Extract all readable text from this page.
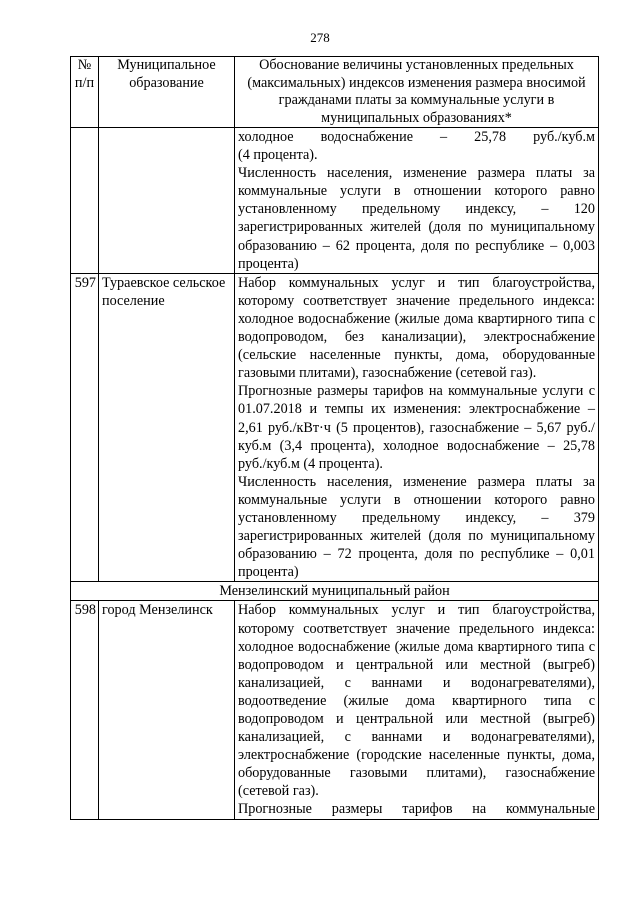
278
№ п/п	Муниципальное образование	Обоснование величины установленных предельных (максимальных) индексов изменения размера вносимой гражданами платы за коммунальные услуги в муниципальных образованиях*

		холодное водоснабжение – 25,78 руб./куб.м

(4 процента).

Численность населения, изменение размера платы за коммунальные услуги в отношении которого равно установленному предельному индексу, – 120 зарегистрированных жителей (доля по муниципальному образованию – 62 процента, доля по республике – 0,003 процента)

597	Тураевское сельское поселение	Набор коммунальных услуг и тип благоустройства, которому соответствует значение предельного индекса: холодное водоснабжение (жилые дома квартирного типа с водопроводом, без канализации), электроснабжение (сельские населенные пункты, дома, оборудованные газовыми плитами), газоснабжение (сетевой газ).

Прогнозные размеры тарифов на коммунальные услуги с 01.07.2018 и темпы их изменения: электроснабжение – 2,61 руб./кВт·ч (5 процентов), газоснабжение – 5,67 руб./куб.м (3,4 процента), холодное водоснабжение – 25,78 руб./куб.м (4 процента).

Численность населения, изменение размера платы за коммунальные услуги в отношении которого равно установленному предельному индексу, – 379 зарегистрированных жителей (доля по муниципальному образованию – 72 процента, доля по республике – 0,01 процента)

Мензелинский муниципальный район		
598	город Мензелинск	Набор коммунальных услуг и тип благоустройства, которому соответствует значение предельного индекса: холодное водоснабжение (жилые дома квартирного типа с водопроводом и центральной или местной (выгреб) канализацией, с ваннами и водонагревателями), водоотведение (жилые дома квартирного типа с водопроводом и центральной или местной (выгреб) канализацией, с ваннами и водонагревателями), электроснабжение (городские населенные пункты, дома, оборудованные газовыми плитами), газоснабжение (сетевой газ).

Прогнозные размеры тарифов на коммунальные
